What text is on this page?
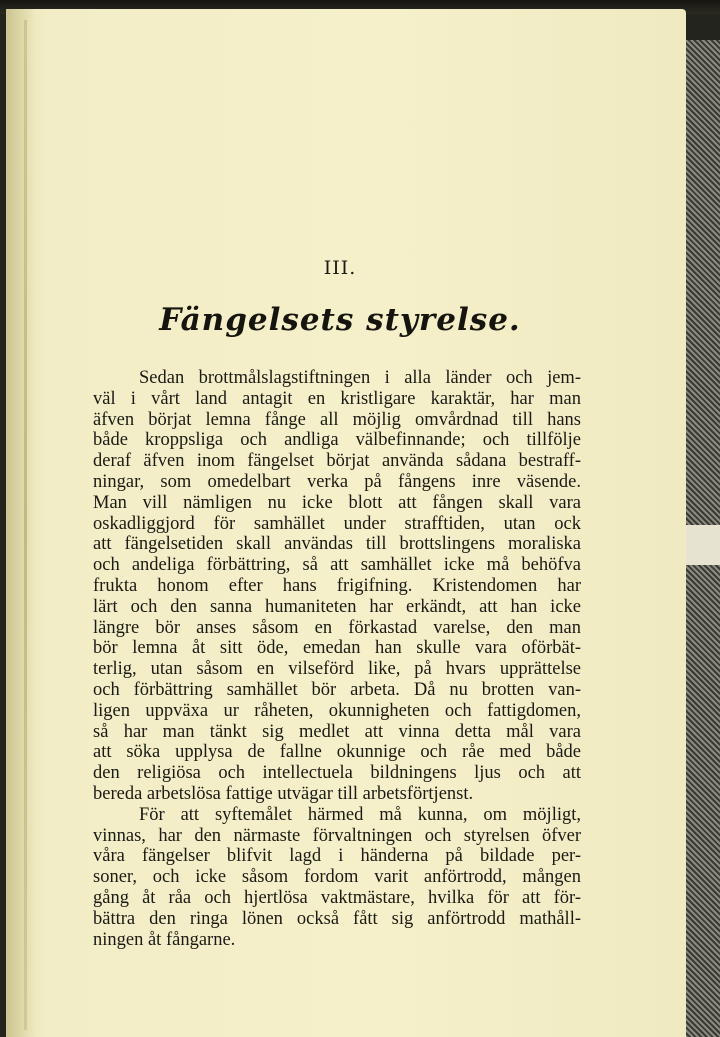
III.
Fängelsets styrelse.
Sedan brottmålslagstiftningen i alla länder och jem-
väl i vårt land antagit en kristligare karaktär, har man
äfven börjat lemna fånge all möjlig omvårdnad till hans
både kroppsliga och andliga välbefinnande; och tillfölje
deraf äfven inom fängelset börjat använda sådana bestraff-
ningar, som omedelbart verka på fångens inre väsende.
Man vill nämligen nu icke blott att fången skall vara
oskadliggjord för samhället under strafftiden, utan ock
att fängelsetiden skall användas till brottslingens moraliska
och andeliga förbättring, så att samhället icke må behöfva
frukta honom efter hans frigifning. Kristendomen har
lärt och den sanna humaniteten har erkändt, att han icke
längre bör anses såsom en förkastad varelse, den man
bör lemna åt sitt öde, emedan han skulle vara oförbät-
terlig, utan såsom en vilseförd like, på hvars upprättelse
och förbättring samhället bör arbeta. Då nu brotten van-
ligen uppväxa ur råheten, okunnigheten och fattigdomen,
så har man tänkt sig medlet att vinna detta mål vara
att söka upplysa de fallne okunnige och råe med både
den religiösa och intellectuela bildningens ljus och att
bereda arbetslösa fattige utvägar till arbetsförtjenst.
För att syftemålet härmed må kunna, om möjligt,
vinnas, har den närmaste förvaltningen och styrelsen öfver
våra fängelser blifvit lagd i händerna på bildade per-
soner, och icke såsom fordom varit anförtrodd, mången
gång åt råa och hjertlösa vaktmästare, hvilka för att för-
bättra den ringa lönen också fått sig anförtrodd mathåll-
ningen åt fångarne.
